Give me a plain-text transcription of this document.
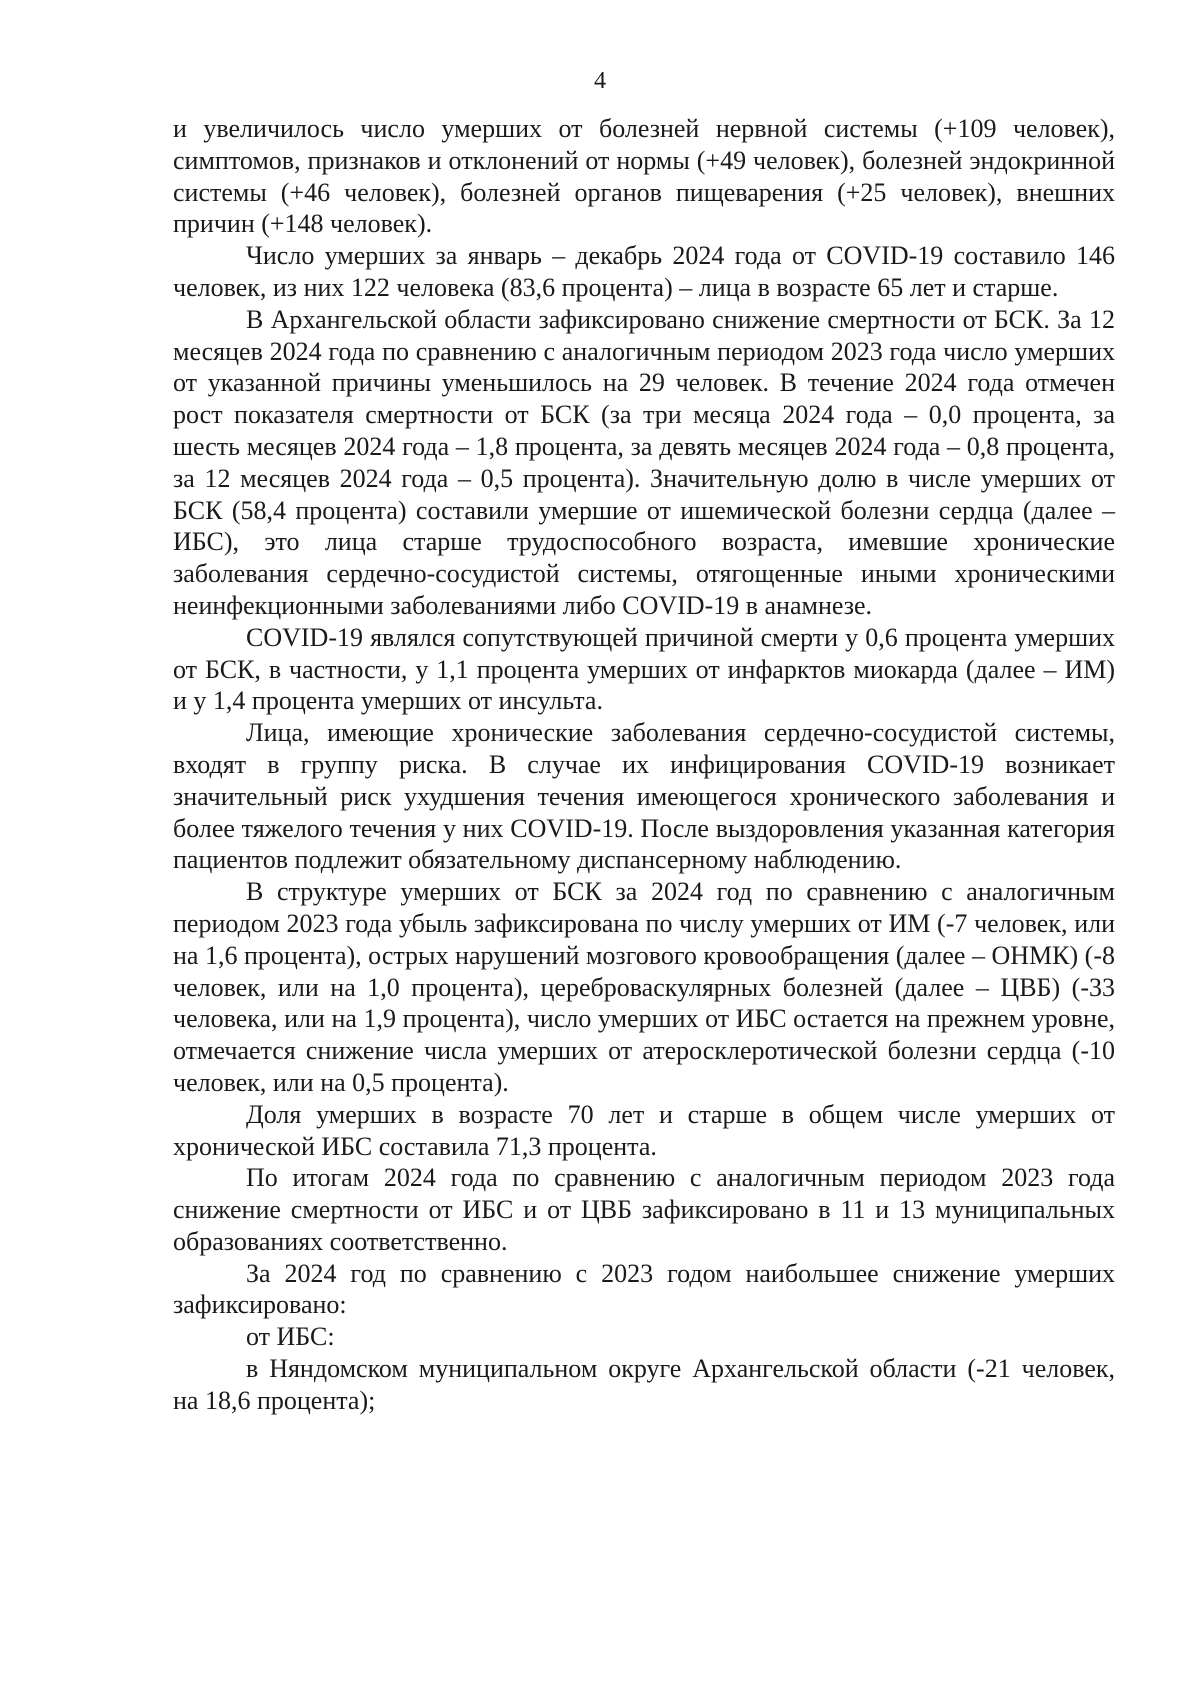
4

и увеличилось число умерших от болезней нервной системы (+109 человек), симптомов, признаков и отклонений от нормы (+49 человек), болезней эндокринной системы (+46 человек), болезней органов пищеварения (+25 человек), внешних причин (+148 человек).

Число умерших за январь – декабрь 2024 года от COVID-19 составило 146 человек, из них 122 человека (83,6 процента) – лица в возрасте 65 лет и старше.

В Архангельской области зафиксировано снижение смертности от БСК. За 12 месяцев 2024 года по сравнению с аналогичным периодом 2023 года число умерших от указанной причины уменьшилось на 29 человек. В течение 2024 года отмечен рост показателя смертности от БСК (за три месяца 2024 года – 0,0 процента, за шесть месяцев 2024 года – 1,8 процента, за девять месяцев 2024 года – 0,8 процента, за 12 месяцев 2024 года – 0,5 процента). Значительную долю в числе умерших от БСК (58,4 процента) составили умершие от ишемической болезни сердца (далее – ИБС), это лица старше трудоспособного возраста, имевшие хронические заболевания сердечно-сосудистой системы, отягощенные иными хроническими неинфекционными заболеваниями либо COVID-19 в анамнезе.

COVID-19 являлся сопутствующей причиной смерти у 0,6 процента умерших от БСК, в частности, у 1,1 процента умерших от инфарктов миокарда (далее – ИМ) и у 1,4 процента умерших от инсульта.

Лица, имеющие хронические заболевания сердечно-сосудистой системы, входят в группу риска. В случае их инфицирования COVID-19 возникает значительный риск ухудшения течения имеющегося хронического заболевания и более тяжелого течения у них COVID-19. После выздоровления указанная категория пациентов подлежит обязательному диспансерному наблюдению.

В структуре умерших от БСК за 2024 год по сравнению с аналогичным периодом 2023 года убыль зафиксирована по числу умерших от ИМ (-7 человек, или на 1,6 процента), острых нарушений мозгового кровообращения (далее – ОНМК) (-8 человек, или на 1,0 процента), цереброваскулярных болезней (далее – ЦВБ) (-33 человека, или на 1,9 процента), число умерших от ИБС остается на прежнем уровне, отмечается снижение числа умерших от атеросклеротической болезни сердца (-10 человек, или на 0,5 процента).

Доля умерших в возрасте 70 лет и старше в общем числе умерших от хронической ИБС составила 71,3 процента.

По итогам 2024 года по сравнению с аналогичным периодом 2023 года снижение смертности от ИБС и от ЦВБ зафиксировано в 11 и 13 муниципальных образованиях соответственно.

За 2024 год по сравнению с 2023 годом наибольшее снижение умерших зафиксировано:

от ИБС:

в Няндомском муниципальном округе Архангельской области (-21 человек, на 18,6 процента);
